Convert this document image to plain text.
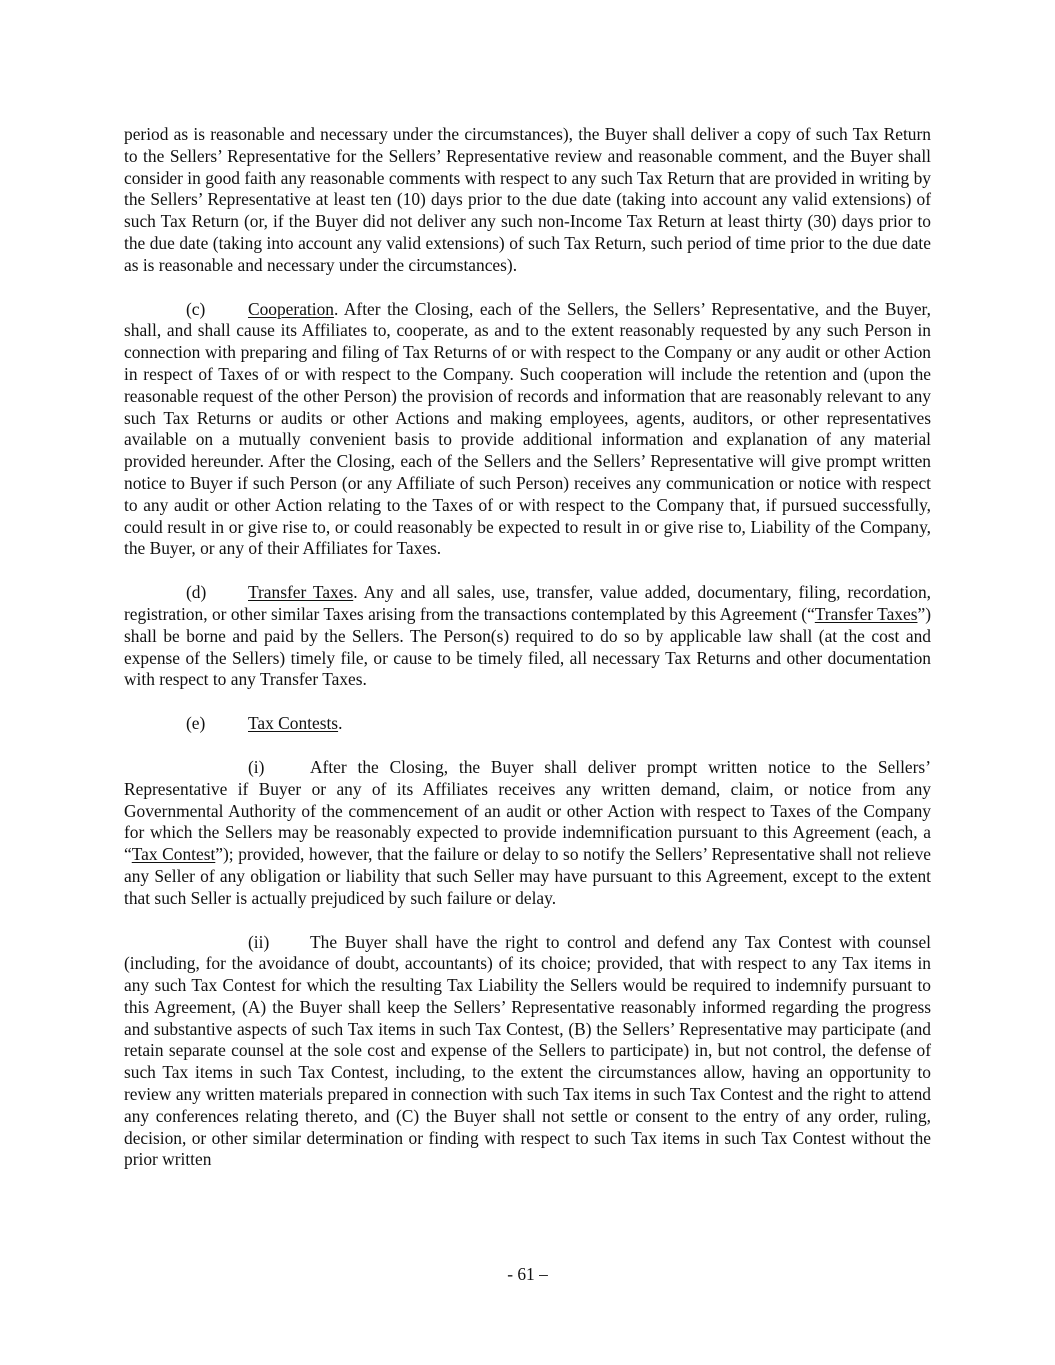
period as is reasonable and necessary under the circumstances), the Buyer shall deliver a copy of such Tax Return to the Sellers’ Representative for the Sellers’ Representative review and reasonable comment, and the Buyer shall consider in good faith any reasonable comments with respect to any such Tax Return that are provided in writing by the Sellers’ Representative at least ten (10) days prior to the due date (taking into account any valid extensions) of such Tax Return (or, if the Buyer did not deliver any such non-Income Tax Return at least thirty (30) days prior to the due date (taking into account any valid extensions) of such Tax Return, such period of time prior to the due date as is reasonable and necessary under the circumstances).

(c) Cooperation. After the Closing, each of the Sellers, the Sellers’ Representative, and the Buyer, shall, and shall cause its Affiliates to, cooperate, as and to the extent reasonably requested by any such Person in connection with preparing and filing of Tax Returns of or with respect to the Company or any audit or other Action in respect of Taxes of or with respect to the Company. Such cooperation will include the retention and (upon the reasonable request of the other Person) the provision of records and information that are reasonably relevant to any such Tax Returns or audits or other Actions and making employees, agents, auditors, or other representatives available on a mutually convenient basis to provide additional information and explanation of any material provided hereunder. After the Closing, each of the Sellers and the Sellers’ Representative will give prompt written notice to Buyer if such Person (or any Affiliate of such Person) receives any communication or notice with respect to any audit or other Action relating to the Taxes of or with respect to the Company that, if pursued successfully, could result in or give rise to, or could reasonably be expected to result in or give rise to, Liability of the Company, the Buyer, or any of their Affiliates for Taxes.

(d) Transfer Taxes. Any and all sales, use, transfer, value added, documentary, filing, recordation, registration, or other similar Taxes arising from the transactions contemplated by this Agreement (“Transfer Taxes”) shall be borne and paid by the Sellers. The Person(s) required to do so by applicable law shall (at the cost and expense of the Sellers) timely file, or cause to be timely filed, all necessary Tax Returns and other documentation with respect to any Transfer Taxes.

(e) Tax Contests.

(i)	After the Closing, the Buyer shall deliver prompt written notice to the Sellers’ Representative if Buyer or any of its Affiliates receives any written demand, claim, or notice from any Governmental Authority of the commencement of an audit or other Action with respect to Taxes of the Company for which the Sellers may be reasonably expected to provide indemnification pursuant to this Agreement (each, a “Tax Contest”); provided, however, that the failure or delay to so notify the Sellers’ Representative shall not relieve any Seller of any obligation or liability that such Seller may have pursuant to this Agreement, except to the extent that such Seller is actually prejudiced by such failure or delay.

(ii) The Buyer shall have the right to control and defend any Tax Contest with counsel (including, for the avoidance of doubt, accountants) of its choice; provided, that with respect to any Tax items in any such Tax Contest for which the resulting Tax Liability the Sellers would be required to indemnify pursuant to this Agreement, (A) the Buyer shall keep the Sellers’ Representative reasonably informed regarding the progress and substantive aspects of such Tax items in such Tax Contest, (B) the Sellers’ Representative may participate (and retain separate counsel at the sole cost and expense of the Sellers to participate) in, but not control, the defense of such Tax items in such Tax Contest, including, to the extent the circumstances allow, having an opportunity to review any written materials prepared in connection with such Tax items in such Tax Contest and the right to attend any conferences relating thereto, and (C) the Buyer shall not settle or consent to the entry of any order, ruling, decision, or other similar determination or finding with respect to such Tax items in such Tax Contest without the prior written

- 61 –
